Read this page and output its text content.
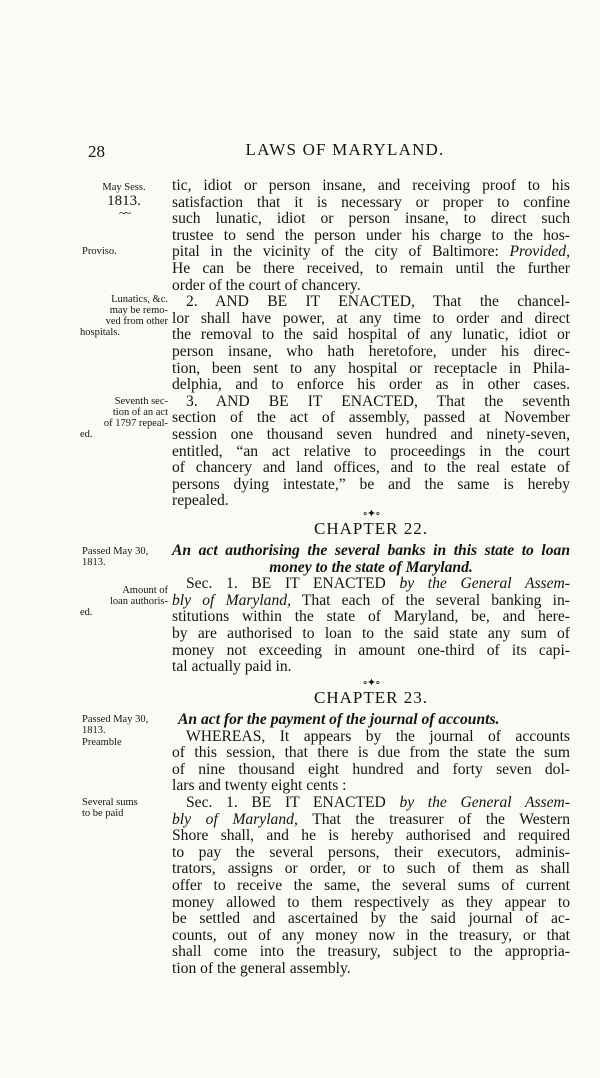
28	LAWS OF MARYLAND.
May Sess.
1813.
~~
Proviso.
Lunatics, &c.
may be remo-
ved from other
hospitals.
Seventh sec-
tion of an act
of 1797 repeal-
ed.
Passed May 30,
1813.
Amount of
loan authoris-
ed.
Passed May 30,
1813.
Preamble
Several sums
to be paid
tic, idiot or person insane, and receiving proof to his
satisfaction that it is necessary or proper to confine
such lunatic, idiot or person insane, to direct such
trustee to send the person under his charge to the hos-
pital in the vicinity of the city of Baltimore: Provided,
He can be there received, to remain until the further
order of the court of chancery.
2. AND BE IT ENACTED, That the chancel-
lor shall have power, at any time to order and direct
the removal to the said hospital of any lunatic, idiot or
person insane, who hath heretofore, under his direc-
tion, been sent to any hospital or receptacle in Phila-
delphia, and to enforce his order as in other cases.
3. AND BE IT ENACTED, That the seventh
section of the act of assembly, passed at November
session one thousand seven hundred and ninety-seven,
entitled, “an act relative to proceedings in the court
of chancery and land offices, and to the real estate of
persons dying intestate,” be and the same is hereby
repealed.
∘✦∘
CHAPTER 22.
An act authorising the several banks in this state to loan
money to the state of Maryland.
Sec. 1. BE IT ENACTED by the General Assem-
bly of Maryland, That each of the several banking in-
stitutions within the state of Maryland, be, and here-
by are authorised to loan to the said state any sum of
money not exceeding in amount one-third of its capi-
tal actually paid in.
∘✦∘
CHAPTER 23.
An act for the payment of the journal of accounts.
WHEREAS, It appears by the journal of accounts
of this session, that there is due from the state the sum
of nine thousand eight hundred and forty seven dol-
lars and twenty eight cents :
Sec. 1. BE IT ENACTED by the General Assem-
bly of Maryland, That the treasurer of the Western
Shore shall, and he is hereby authorised and required
to pay the several persons, their executors, adminis-
trators, assigns or order, or to such of them as shall
offer to receive the same, the several sums of current
money allowed to them respectively as they appear to
be settled and ascertained by the said journal of ac-
counts, out of any money now in the treasury, or that
shall come into the treasury, subject to the appropria-
tion of the general assembly.
